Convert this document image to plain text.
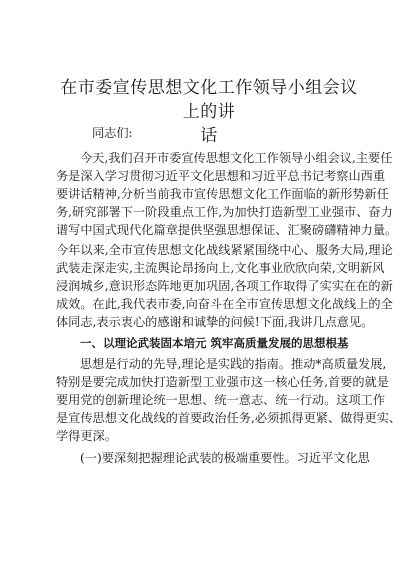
在市委宣传思想文化工作领导小组会议上的讲
话

同志们:

今天,我们召开市委宣传思想文化工作领导小组会议,主要任

务是深入学习贯彻习近平文化思想和习近平总书记考察山西重

要讲话精神,分析当前我市宣传思想文化工作面临的新形势新任

务,研究部署下一阶段重点工作,为加快打造新型工业强市、奋力

谱写中国式现代化篇章提供坚强思想保证、汇聚磅礴精神力量。

今年以来,全市宣传思想文化战线紧紧围绕中心、服务大局,理论

武装走深走实,主流舆论昂扬向上,文化事业欣欣向荣,文明新风

浸润城乡,意识形态阵地更加巩固,各项工作取得了实实在在的新

成效。在此,我代表市委,向奋斗在全市宣传思想文化战线上的全

体同志,表示衷心的感谢和诚挚的问候!下面,我讲几点意见。

一、以理论武装固本培元 筑牢高质量发展的思想根基

思想是行动的先导,理论是实践的指南。推动*高质量发展,

特别是要完成加快打造新型工业强市这一核心任务,首要的就是

要用党的创新理论统一思想、统一意志、统一行动。这项工作

是宣传思想文化战线的首要政治任务,必须抓得更紧、做得更实、

学得更深。

(一)要深刻把握理论武装的极端重要性。习近平文化思
